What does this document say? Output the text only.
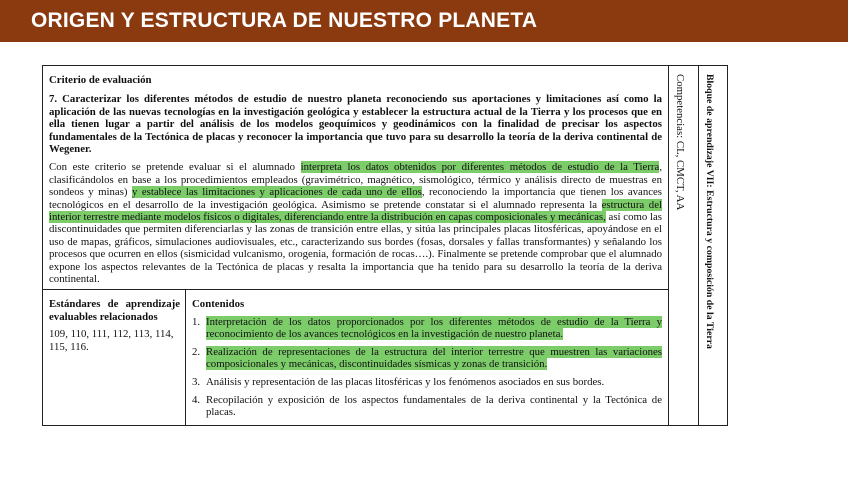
ORIGEN Y ESTRUCTURA DE NUESTRO PLANETA
Criterio de evaluación
7. Caracterizar los diferentes métodos de estudio de nuestro planeta reconociendo sus aportaciones y limitaciones así como la aplicación de las nuevas tecnologías en la investigación geológica y establecer la estructura actual de la Tierra y los procesos que en ella tienen lugar a partir del análisis de los modelos geoquímicos y geodinámicos con la finalidad de precisar los aspectos fundamentales de la Tectónica de placas y reconocer la importancia que tuvo para su desarrollo la teoría de la deriva continental de Wegener.
Con este criterio se pretende evaluar si el alumnado interpreta los datos obtenidos por diferentes métodos de estudio de la Tierra, clasificándolos en base a los procedimientos empleados (gravimétrico, magnético, sismológico, térmico y análisis directo de muestras en sondeos y minas) y establece las limitaciones y aplicaciones de cada uno de ellos, reconociendo la importancia que tienen los avances tecnológicos en el desarrollo de la investigación geológica. Asimismo se pretende constatar si el alumnado representa la estructura del interior terrestre mediante modelos físicos o digitales, diferenciando entre la distribución en capas composicionales y mecánicas, así como las discontinuidades que permiten diferenciarlas y las zonas de transición entre ellas, y sitúa las principales placas litosféricas, apoyándose en el uso de mapas, gráficos, simulaciones audiovisuales, etc., caracterizando sus bordes (fosas, dorsales y fallas transformantes) y señalando los procesos que ocurren en ellos (sismicidad vulcanismo, orogenia, formación de rocas….). Finalmente se pretende comprobar que el alumnado expone los aspectos relevantes de la Tectónica de placas y resalta la importancia que ha tenido para su desarrollo la teoría de la deriva continental.
Estándares de aprendizaje evaluables relacionados
109, 110, 111, 112, 113, 114, 115, 116.
Contenidos
1. Interpretación de los datos proporcionados por los diferentes métodos de estudio de la Tierra y reconocimiento de los avances tecnológicos en la investigación de nuestro planeta.
2. Realización de representaciones de la estructura del interior terrestre que muestren las variaciones composicionales y mecánicas, discontinuidades sísmicas y zonas de transición.
3. Análisis y representación de las placas litosféricas y los fenómenos asociados en sus bordes.
4. Recopilación y exposición de los aspectos fundamentales de la deriva continental y la Tectónica de placas.
Competencias: CL, CMCT, AA Bloque de aprendizaje VII: Estructura y composición de la Tierra
